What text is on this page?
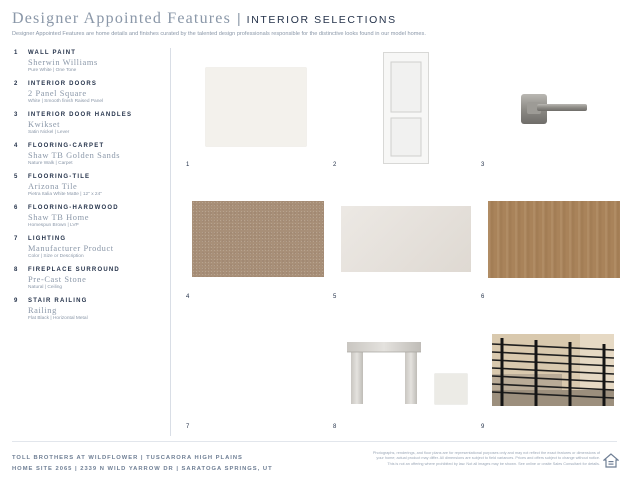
Designer Appointed Features | INTERIOR SELECTIONS
Designer Appointed Features are home details and finishes curated by the talented design professionals responsible for the distinctive looks found in our model homes.
1 WALL PAINT
Sherwin Williams
Pure White | One Tone
2 INTERIOR DOORS
2 Panel Square
White | Smooth finish Raised Panel
3 INTERIOR DOOR HANDLES
Kwikset
Satin Nickel | Lever
4 FLOORING-CARPET
Shaw TB Golden Sands
Nature Walk | Carpet
5 FLOORING-TILE
Arizona Tile
Pietra Italia White Matte | 12" x 24"
6 FLOORING-HARDWOOD
Shaw TB Home
Homespun Brown | LVP
7 LIGHTING
Manufacturer Product
Color | Size or Description
8 FIREPLACE SURROUND
Pre-Cast Stone
Natural | Ceiling
9 STAIR RAILING
Railing
Flat Black | Horizontal Metal
1	2	3
4	5	6
7	8	9
TOLL BROTHERS AT WILDFLOWER | TUSCARORA HIGH PLAINS
HOME SITE 2065 | 2339 N WILD YARROW DR | SARATOGA SPRINGS, UT
Photographs, renderings, and floor plans are for representational purposes only and may not reflect the exact features or dimensions of
your home; actual product may differ. All dimensions are subject to field variances. Prices and offers subject to change without notice.
This is not an offering where prohibited by law. Not all images may be shown. See online or onsite Sales Consultant for details.
